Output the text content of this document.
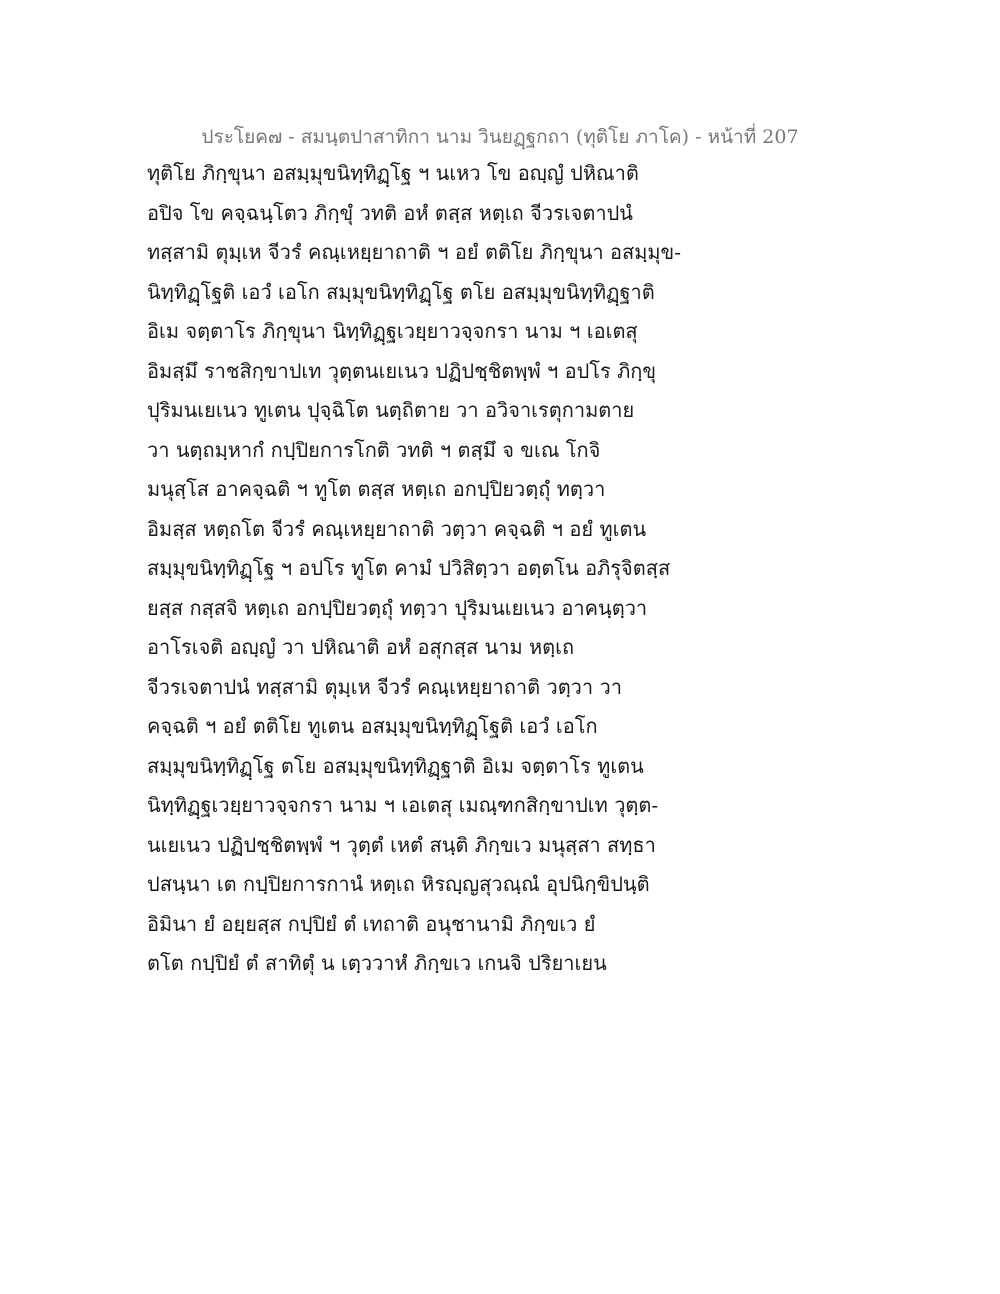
ประโยค๗ - สมนฺตปาสาทิกา นาม วินยฏฺฐกถา (ทุติโย ภาโค) - หน้าที่ 207
ทุติโย ภิกฺขุนา อสมฺมุขนิทฺทิฏฺโฐ ฯ นเหว โข อญฺญํ ปหิณาติ
อปิจ โข คจฺฉนฺโตว ภิกฺขุํ วทติ อหํ ตสฺส หตฺเถ จีวรเจตาปนํ
ทสฺสามิ ตุมฺเห จีวรํ คณฺเหยฺยาถาติ ฯ อยํ ตติโย ภิกฺขุนา อสมฺมุข-
นิทฺทิฏฺโฐติ เอวํ เอโก สมฺมุขนิทฺทิฏฺโฐ ตโย อสมฺมุขนิทฺทิฏฺฐาติ
อิเม จตฺตาโร ภิกฺขุนา นิทฺทิฏฺฐเวยฺยาวจฺจกรา นาม ฯ เอเตสุ
อิมสฺมึ ราชสิกฺขาปเท วุตฺตนเยเนว ปฏิปชฺชิตพฺพํ ฯ อปโร ภิกฺขุ
ปุริมนเยเนว ทูเตน ปุจฺฉิโต นตฺถิตาย วา อวิจาเรตุกามตาย
วา นตฺถมฺหากํ กปฺปิยการโกติ วทติ ฯ ตสฺมึ จ ขเณ โกจิ
มนุสฺโส อาคจฺฉติ ฯ ทูโต ตสฺส หตฺเถ อกปฺปิยวตฺถุํ ทตฺวา
อิมสฺส หตฺถโต จีวรํ คณฺเหยฺยาถาติ วตฺวา คจฺฉติ ฯ อยํ ทูเตน
สมฺมุขนิทฺทิฏฺโฐ ฯ อปโร ทูโต คามํ ปวิสิตฺวา อตฺตโน อภิรุจิตสฺส
ยสฺส กสฺสจิ หตฺเถ อกปฺปิยวตฺถุํ ทตฺวา ปุริมนเยเนว อาคนฺตฺวา
อาโรเจติ อญฺญํ วา ปหิณาติ อหํ อสุกสฺส นาม หตฺเถ
จีวรเจตาปนํ ทสฺสามิ ตุมฺเห จีวรํ คณฺเหยฺยาถาติ วตฺวา วา
คจฺฉติ ฯ อยํ ตติโย ทูเตน อสมฺมุขนิทฺทิฏฺโฐติ เอวํ เอโก
สมฺมุขนิทฺทิฏฺโฐ ตโย อสมฺมุขนิทฺทิฏฺฐาติ อิเม จตฺตาโร ทูเตน
นิทฺทิฏฺฐเวยฺยาวจฺจกรา นาม ฯ เอเตสุ เมณฺฑกสิกฺขาปเท วุตฺต-
นเยเนว ปฏิปชฺชิตพฺพํ ฯ วุตฺตํ เหตํ สนฺติ ภิกฺขเว มนุสฺสา สทฺธา
ปสนฺนา เต กปฺปิยการกานํ หตฺเถ หิรญฺญสุวณฺณํ อุปนิกฺขิปนฺติ
อิมินา ยํ อยฺยสฺส กปฺปิยํ ตํ เทถาติ อนุชานามิ ภิกฺขเว ยํ
ตโต กปฺปิยํ ตํ สาทิตุํ น เตฺววาหํ ภิกฺขเว เกนจิ ปริยาเยน
